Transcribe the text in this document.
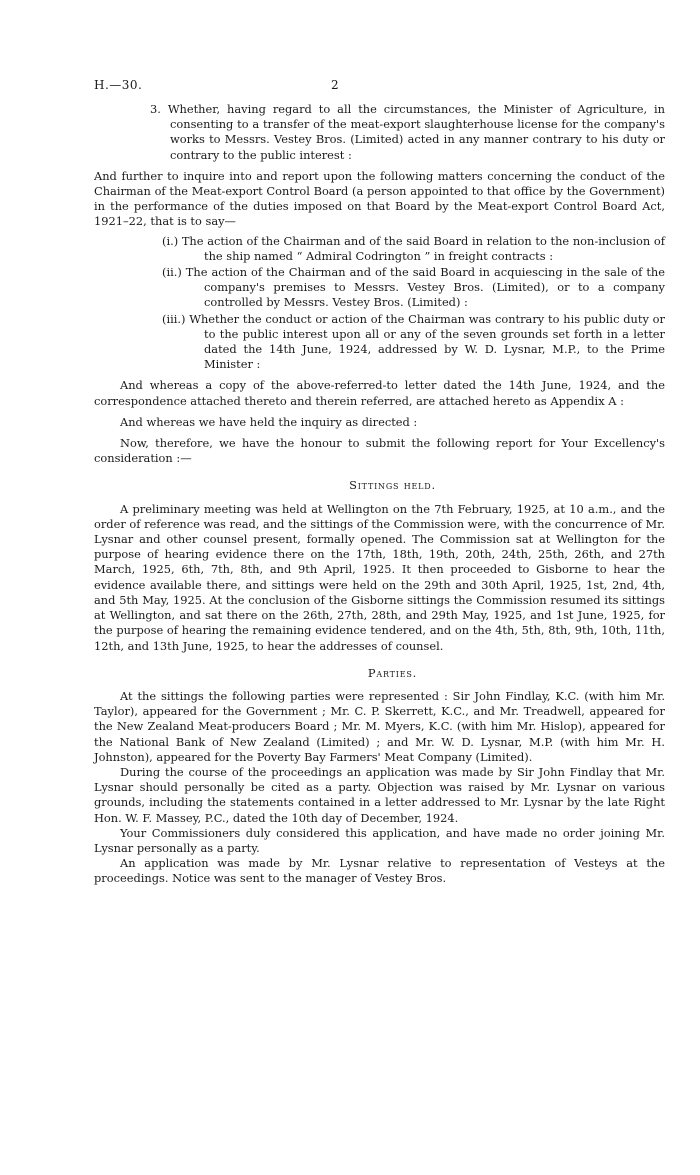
H.—30.	2

3. Whether, having regard to all the circumstances, the Minister of Agriculture, in consenting to a transfer of the meat-export slaughterhouse license for the company's works to Messrs. Vestey Bros. (Limited) acted in any manner contrary to his duty or contrary to the public interest :

And further to inquire into and report upon the following matters concerning the conduct of the Chairman of the Meat-export Control Board (a person appointed to that office by the Government) in the performance of the duties imposed on that Board by the Meat-export Control Board Act, 1921–22, that is to say—

(i.) The action of the Chairman and of the said Board in relation to the non-inclusion of the ship named “ Admiral Codrington ” in freight contracts :

(ii.) The action of the Chairman and of the said Board in acquiescing in the sale of the company's premises to Messrs. Vestey Bros. (Limited), or to a company controlled by Messrs. Vestey Bros. (Limited) :

(iii.) Whether the conduct or action of the Chairman was contrary to his public duty or to the public interest upon all or any of the seven grounds set forth in a letter dated the 14th June, 1924, addressed by W. D. Lysnar, M.P., to the Prime Minister :

And whereas a copy of the above-referred-to letter dated the 14th June, 1924, and the correspondence attached thereto and therein referred, are attached hereto as Appendix A :

And whereas we have held the inquiry as directed :

Now, therefore, we have the honour to submit the following report for Your Excellency's consideration :—

Sittings held.

A preliminary meeting was held at Wellington on the 7th February, 1925, at 10 a.m., and the order of reference was read, and the sittings of the Commission were, with the concurrence of Mr. Lysnar and other counsel present, formally opened. The Commission sat at Wellington for the purpose of hearing evidence there on the 17th, 18th, 19th, 20th, 24th, 25th, 26th, and 27th March, 1925, 6th, 7th, 8th, and 9th April, 1925. It then proceeded to Gisborne to hear the evidence available there, and sittings were held on the 29th and 30th April, 1925, 1st, 2nd, 4th, and 5th May, 1925. At the conclusion of the Gisborne sittings the Commission resumed its sittings at Wellington, and sat there on the 26th, 27th, 28th, and 29th May, 1925, and 1st June, 1925, for the purpose of hearing the remaining evidence tendered, and on the 4th, 5th, 8th, 9th, 10th, 11th, 12th, and 13th June, 1925, to hear the addresses of counsel.

Parties.

At the sittings the following parties were represented : Sir John Findlay, K.C. (with him Mr. Taylor), appeared for the Government ; Mr. C. P. Skerrett, K.C., and Mr. Treadwell, appeared for the New Zealand Meat-producers Board ; Mr. M. Myers, K.C. (with him Mr. Hislop), appeared for the National Bank of New Zealand (Limited) ; and Mr. W. D. Lysnar, M.P. (with him Mr. H. Johnston), appeared for the Poverty Bay Farmers' Meat Company (Limited).

During the course of the proceedings an application was made by Sir John Findlay that Mr. Lysnar should personally be cited as a party. Objection was raised by Mr. Lysnar on various grounds, including the statements contained in a letter addressed to Mr. Lysnar by the late Right Hon. W. F. Massey, P.C., dated the 10th day of December, 1924.

Your Commissioners duly considered this application, and have made no order joining Mr. Lysnar personally as a party.

An application was made by Mr. Lysnar relative to representation of Vesteys at the proceedings. Notice was sent to the manager of Vestey Bros.
